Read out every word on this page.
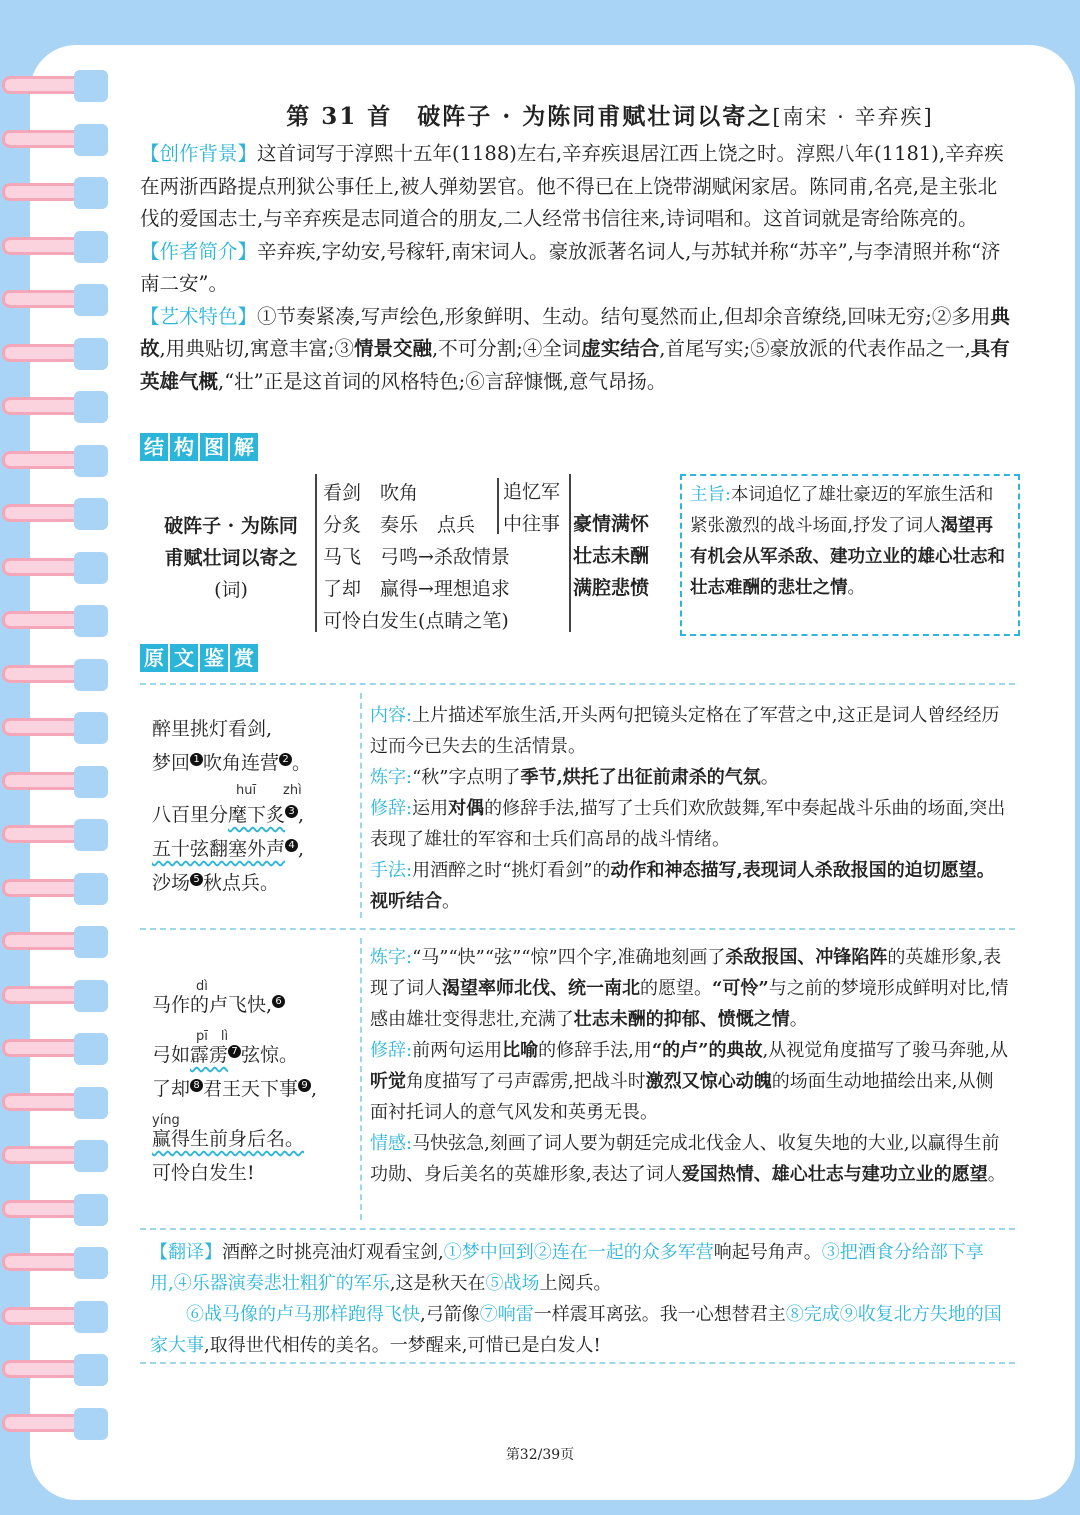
第 31 首　破阵子 · 为陈同甫赋壮词以寄之[南宋 · 辛弃疾]

【创作背景】这首词写于淳熙十五年(1188)左右,辛弃疾退居江西上饶之时。淳熙八年(1181),辛弃疾在两浙西路提点刑狱公事任上,被人弹劾罢官。他不得已在上饶带湖赋闲家居。陈同甫,名亮,是主张北伐的爱国志士,与辛弃疾是志同道合的朋友,二人经常书信往来,诗词唱和。这首词就是寄给陈亮的。

【作者简介】辛弃疾,字幼安,号稼轩,南宋词人。豪放派著名词人,与苏轼并称“苏辛”,与李清照并称“济南二安”。

【艺术特色】①节奏紧凑,写声绘色,形象鲜明、生动。结句戛然而止,但却余音缭绕,回味无穷;②多用典故,用典贴切,寓意丰富;③情景交融,不可分割;④全词虚实结合,首尾写实;⑤豪放派的代表作品之一,具有英雄气概,“壮”正是这首词的风格特色;⑥言辞慷慨,意气昂扬。

结 构 图 解
破阵子 · 为陈同
甫赋壮词以寄之
(词)
看剑　吹角
分炙　奏乐　点兵
马飞　弓鸣→杀敌情景
了却　赢得→理想追求
可怜白发生(点睛之笔)
追忆军
中往事 豪情满怀
壮志未酬
满腔悲愤
主旨:本词追忆了雄壮豪迈的军旅生活和紧张激烈的战斗场面,抒发了词人渴望再有机会从军杀敌、建功立业的雄心壮志和壮志难酬的悲壮之情。
原 文 鉴 赏
醉里挑灯看剑,
梦回 $^1$ 吹角连营 $^2$ 。
huī zhì
八百里分麾下炙 $^3$ ,
五十弦翻塞外声 $^4$ ,
沙场 $^5$ 秋点兵。

内容:上片描述军旅生活,开头两句把镜头定格在了军营之中,这正是词人曾经经历过而今已失去的生活情景。

炼字:“秋”字点明了季节,烘托了出征前肃杀的气氛。

修辞:运用对偶的修辞手法,描写了士兵们欢欣鼓舞,军中奏起战斗乐曲的场面,突出表现了雄壮的军容和士兵们高昂的战斗情绪。

手法:用酒醉之时“挑灯看剑”的动作和神态描写,表现词人杀敌报国的迫切愿望。视听结合。

dì
马作的卢飞快, $^6$
pī　lì
弓如霹雳 $^7$ 弦惊。
了却 $^8$ 君王天下事 $^9$ ,
yíng
赢得生前身后名。
可怜白发生!

炼字:“马”“快”“弦”“惊”四个字,准确地刻画了杀敌报国、冲锋陷阵的英雄形象,表现了词人渴望率师北伐、统一南北的愿望。“可怜”与之前的梦境形成鲜明对比,情感由雄壮变得悲壮,充满了壮志未酬的抑郁、愤慨之情。

修辞:前两句运用比喻的修辞手法,用“的卢”的典故,从视觉角度描写了骏马奔驰,从听觉角度描写了弓声霹雳,把战斗时激烈又惊心动魄的场面生动地描绘出来,从侧面衬托词人的意气风发和英勇无畏。

情感:马快弦急,刻画了词人要为朝廷完成北伐金人、收复失地的大业,以赢得生前功勋、身后美名的英雄形象,表达了词人爱国热情、雄心壮志与建功立业的愿望。

【翻译】酒醉之时挑亮油灯观看宝剑,①梦中回到②连在一起的众多军营响起号角声。③把酒食分给部下享用,④乐器演奏悲壮粗犷的军乐,这是秋天在⑤战场上阅兵。

⑥战马像的卢马那样跑得飞快,弓箭像⑦响雷一样震耳离弦。我一心想替君主⑧完成⑨收复北方失地的国家大事,取得世代相传的美名。一梦醒来,可惜已是白发人!

第32/39页
